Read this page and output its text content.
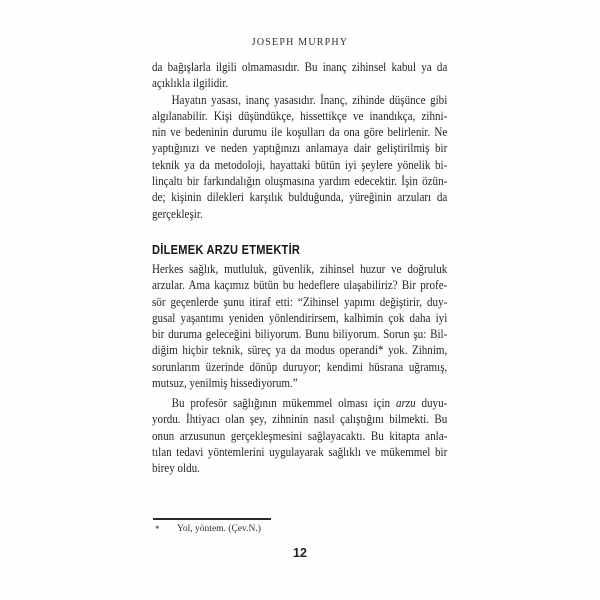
JOSEPH MURPHY
da bağışlarla ilgili olmamasıdır. Bu inanç zihinsel kabul ya da
açıklıkla ilgilidir.
Hayatın yasası, inanç yasasıdır. İnanç, zihinde düşünce gibi
algılanabilir. Kişi düşündükçe, hissettikçe ve inandıkça, zihni-
nin ve bedeninin durumu ile koşulları da ona göre belirlenir. Ne
yaptığınızı ve neden yaptığınızı anlamaya dair geliştirilmiş bir
teknik ya da metodoloji, hayattaki bütün iyi şeylere yönelik bi-
linçaltı bir farkındalığın oluşmasına yardım edecektir. İşin özün-
de; kişinin dilekleri karşılık bulduğunda, yüreğinin arzuları da
gerçekleşir.
DİLEMEK ARZU ETMEKTİR
Herkes sağlık, mutluluk, güvenlik, zihinsel huzur ve doğruluk
arzular. Ama kaçımız bütün bu hedeflere ulaşabiliriz? Bir profe-
sör geçenlerde şunu itiraf etti: “Zihinsel yapımı değiştirir, duy-
gusal yaşantımı yeniden yönlendirirsem, kalbimin çok daha iyi
bir duruma geleceğini biliyorum. Bunu biliyorum. Sorun şu: Bil-
diğim hiçbir teknik, süreç ya da modus operandi* yok. Zihnim,
sorunlarım üzerinde dönüp duruyor; kendimi hüsrana uğramış,
mutsuz, yenilmiş hissediyorum.”
Bu profesör sağlığının mükemmel olması için arzu duyu-
yordu. İhtiyacı olan şey, zihninin nasıl çalıştığını bilmekti. Bu
onun arzusunun gerçekleşmesini sağlayacaktı. Bu kitapta anla-
tılan tedavi yöntemlerini uygulayarak sağlıklı ve mükemmel bir
birey oldu.
* Yol, yöntem. (Çev.N.)
12
